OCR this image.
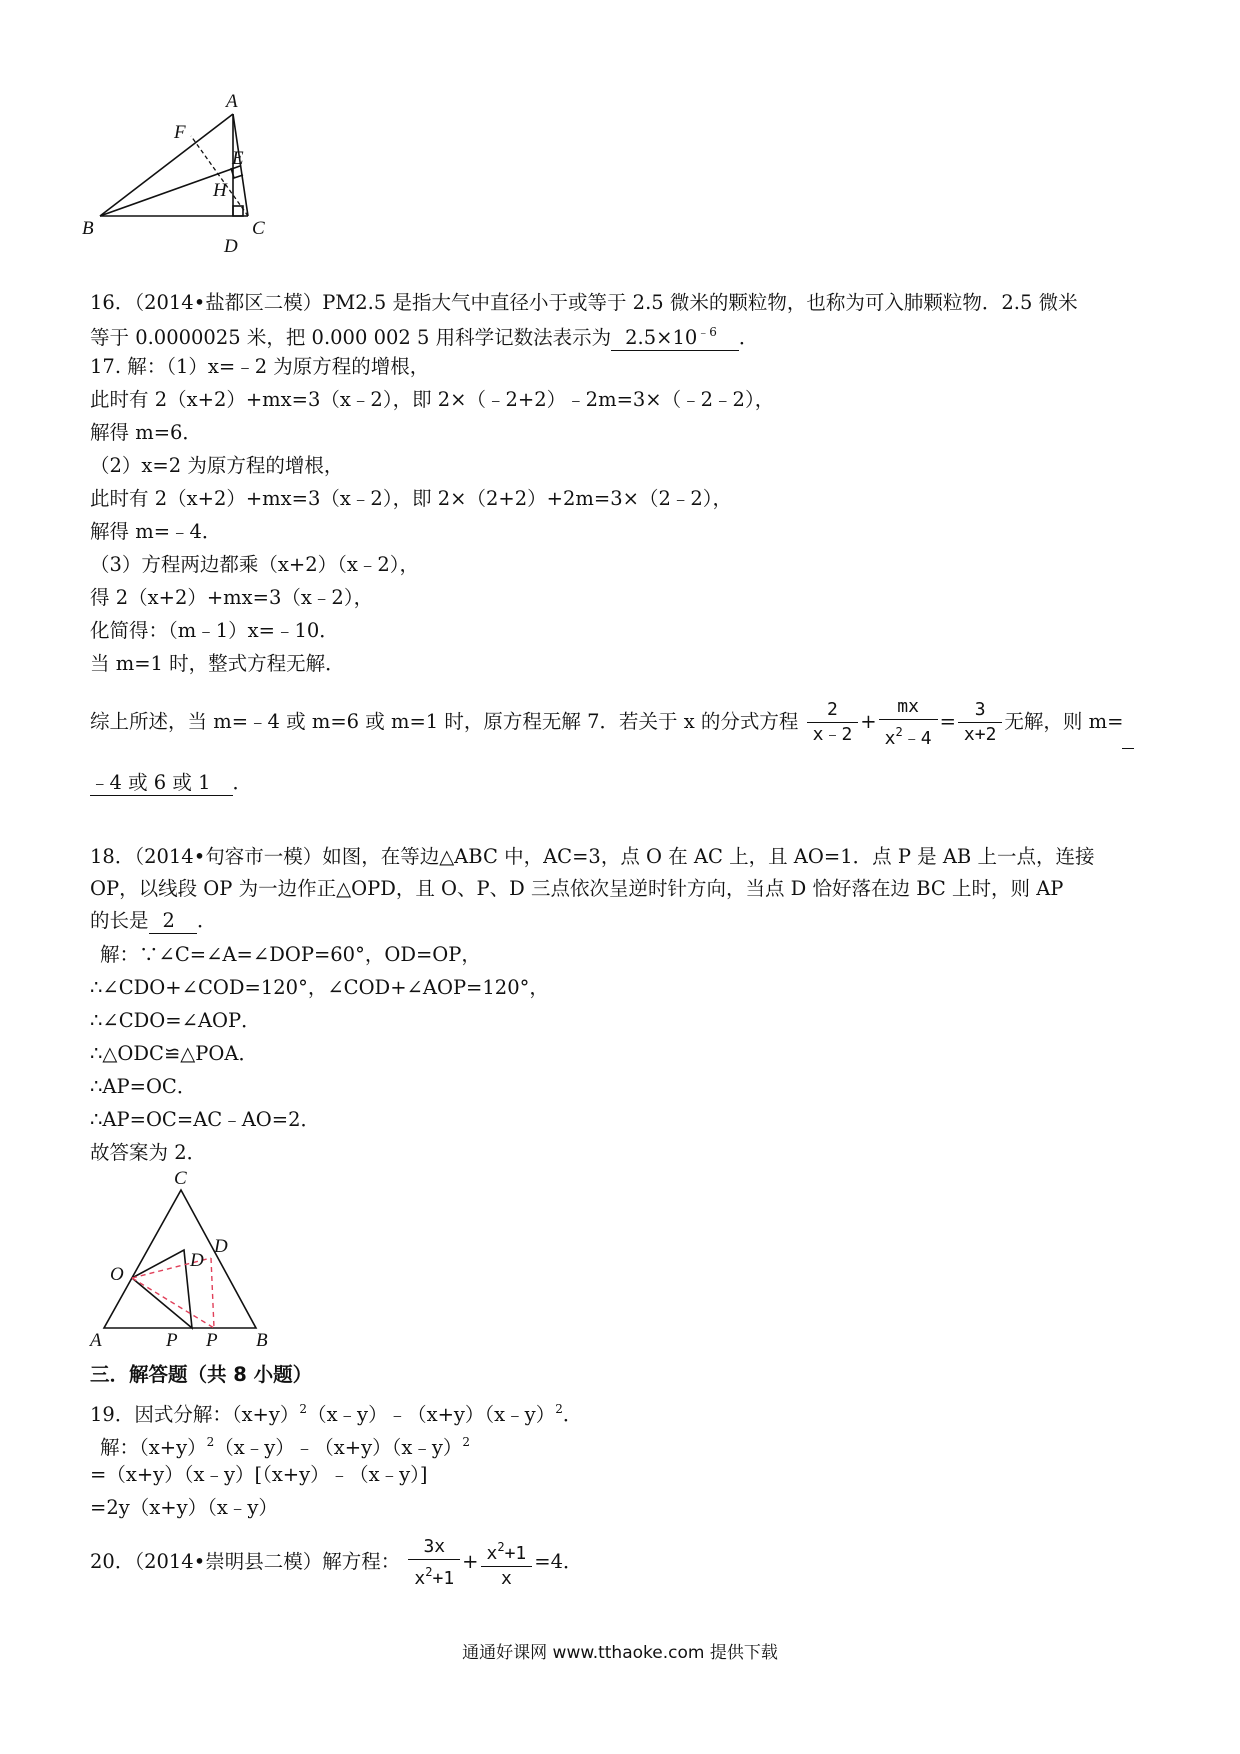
A
F
E
H
B
D
C
16．（2014•盐都区二模）PM2.5 是指大气中直径小于或等于 2.5 微米的颗粒物，也称为可入肺颗粒物．2.5 微米
等于 0.0000025 米，把 0.000 002 5 用科学记数法表示为 $2.5\times 10^{﹣6}$ ．
17. 解：（1）x=﹣2 为原方程的增根，
此时有 2（x+2）+mx=3（x﹣2），即 2×（﹣2+2）﹣2m=3×（﹣2﹣2），
解得 m=6．
（2）x=2 为原方程的增根，
此时有 2（x+2）+mx=3（x﹣2），即 2×（2+2）+2m=3×（2﹣2），
解得 m=﹣4．
（3）方程两边都乘（x+2）（x﹣2），
得 2（x+2）+mx=3（x﹣2），
化简得：（m﹣1）x=﹣10．
当 m=1 时，整式方程无解．
综上所述，当 m=﹣4 或 m=6 或 m=1 时，原方程无解 7．若关于 x 的分式方程 $\frac{2}{x﹣2} + \frac{mx}{x^2﹣4} = \frac{3}{x+2}$ 无解，则 m=
﹣4 或 6 或 1 ．
18．（2014•句容市一模）如图，在等边△ABC 中，AC=3，点 O 在 AC 上，且 AO=1．点 P 是 AB 上一点，连接
OP，以线段 OP 为一边作正△OPD，且 O、P、D 三点依次呈逆时针方向，当点 D 恰好落在边 BC 上时，则 AP
的长是 2 ．
解：∵∠C=∠A=∠DOP=60°，OD=OP，
∴∠CDO+∠COD=120°，∠COD+∠AOP=120°，
∴∠CDO=∠AOP．
∴△ODC≌△POA．
∴AP=OC．
∴AP=OC=AC﹣AO=2．
故答案为 2．
C
D
D
O
A	P P B
三．解答题（共 8 小题）
19．因式分解：$(x+y)^2(x﹣y)﹣(x+y)(x﹣y)^2$．
解：$(x+y)^2(x﹣y)﹣(x+y)(x﹣y)^2$
=（x+y）（x﹣y）[（x+y）﹣（x﹣y）]
=2y（x+y）（x﹣y）
20．（2014•崇明县二模）解方程： $\frac{3x}{x^2+1} + \frac{x^2+1}{x} =4$．
通通好课网 www.tthaoke.com 提供下载
